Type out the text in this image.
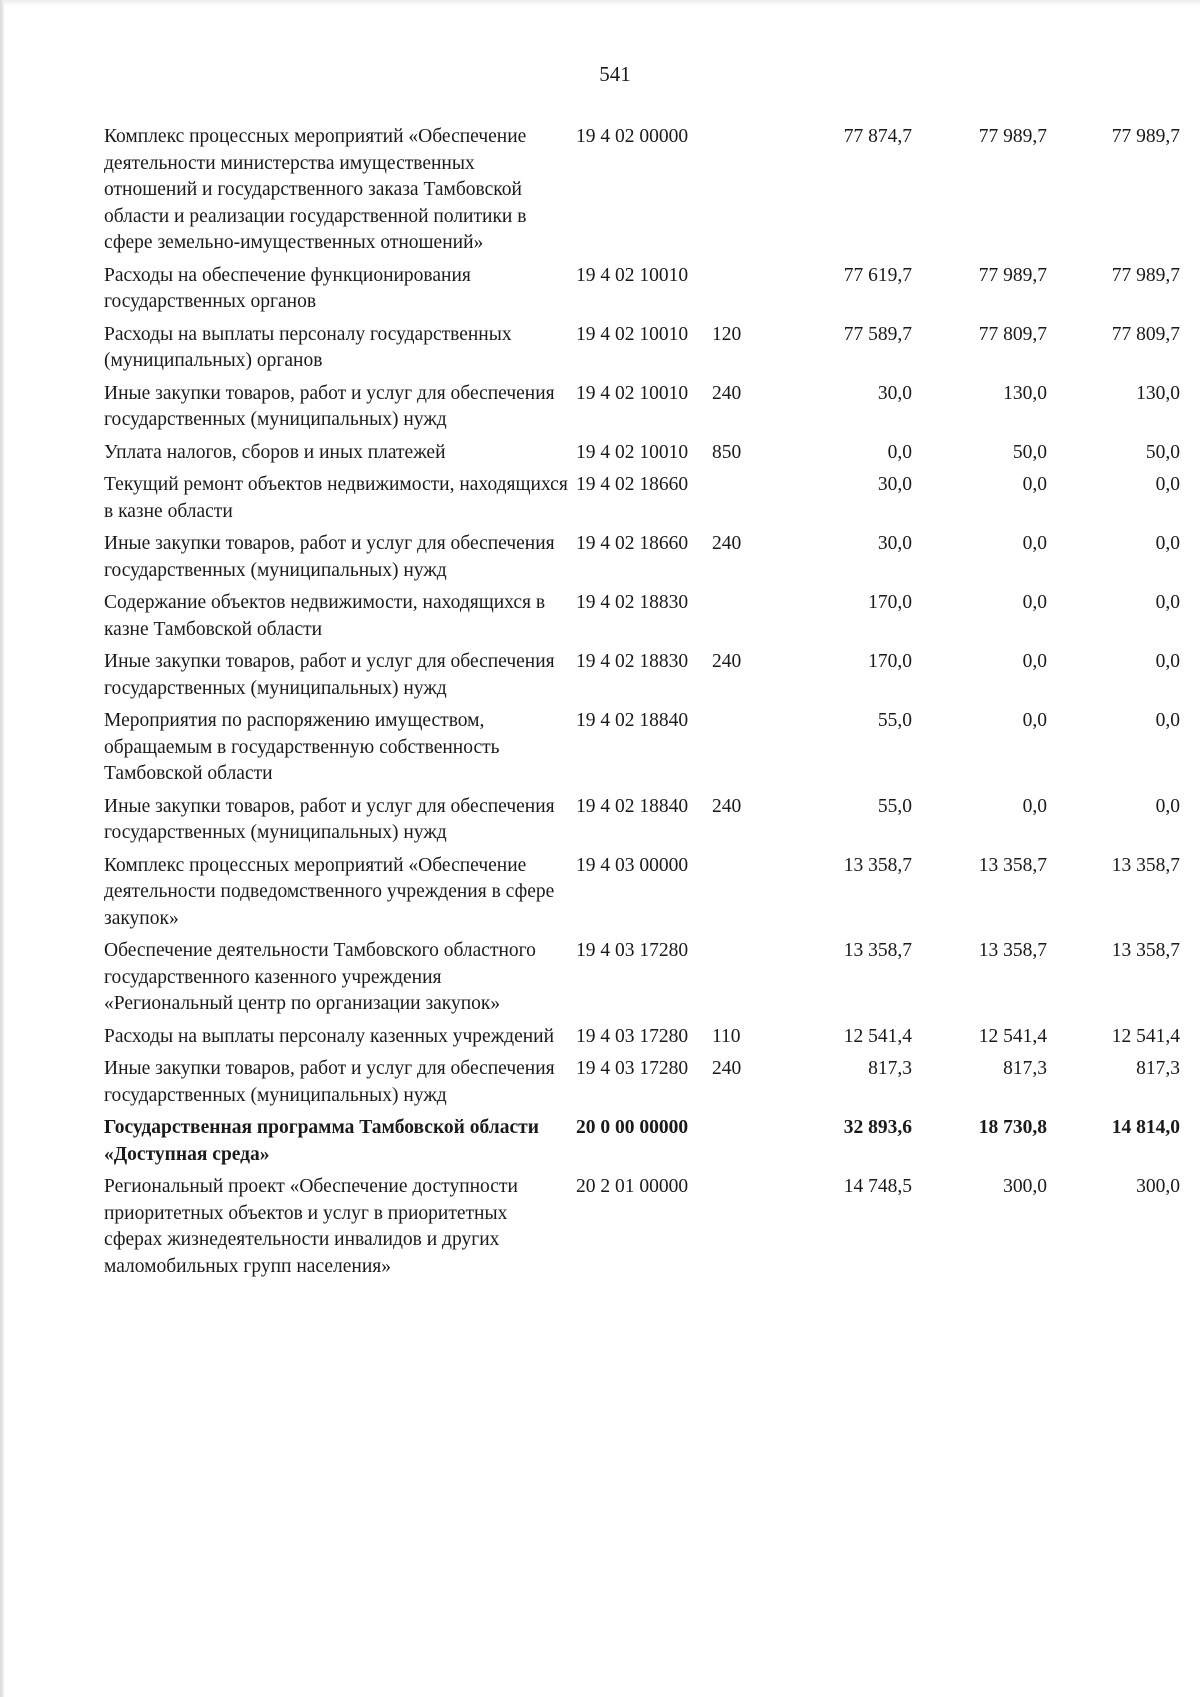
541
Комплекс процессных мероприятий «Обеспечение деятельности министерства имущественных отношений и государственного заказа Тамбовской области и реализации государственной политики в сфере земельно-имущественных отношений»	19 4 02 00000		77 874,7	77 989,7	77 989,7
Расходы на обеспечение функционирования государственных органов	19 4 02 10010		77 619,7	77 989,7	77 989,7
Расходы на выплаты персоналу государственных (муниципальных) органов	19 4 02 10010	120	77 589,7	77 809,7	77 809,7
Иные закупки товаров, работ и услуг для обеспечения государственных (муниципальных) нужд	19 4 02 10010	240	30,0	130,0	130,0
Уплата налогов, сборов и иных платежей	19 4 02 10010	850	0,0	50,0	50,0
Текущий ремонт объектов недвижимости, находящихся в казне области	19 4 02 18660		30,0	0,0	0,0
Иные закупки товаров, работ и услуг для обеспечения государственных (муниципальных) нужд	19 4 02 18660	240	30,0	0,0	0,0
Содержание объектов недвижимости, находящихся в казне Тамбовской области	19 4 02 18830		170,0	0,0	0,0
Иные закупки товаров, работ и услуг для обеспечения государственных (муниципальных) нужд	19 4 02 18830	240	170,0	0,0	0,0
Мероприятия по распоряжению имуществом, обращаемым в государственную собственность Тамбовской области	19 4 02 18840		55,0	0,0	0,0
Иные закупки товаров, работ и услуг для обеспечения государственных (муниципальных) нужд	19 4 02 18840	240	55,0	0,0	0,0
Комплекс процессных мероприятий «Обеспечение деятельности подведомственного учреждения в сфере закупок»	19 4 03 00000		13 358,7	13 358,7	13 358,7
Обеспечение деятельности Тамбовского областного государственного казенного учреждения «Региональный центр по организации закупок»	19 4 03 17280		13 358,7	13 358,7	13 358,7
Расходы на выплаты персоналу казенных учреждений	19 4 03 17280	110	12 541,4	12 541,4	12 541,4
Иные закупки товаров, работ и услуг для обеспечения государственных (муниципальных) нужд	19 4 03 17280	240	817,3	817,3	817,3
Государственная программа Тамбовской области «Доступная среда»	20 0 00 00000		32 893,6	18 730,8	14 814,0
Региональный проект «Обеспечение доступности приоритетных объектов и услуг в приоритетных сферах жизнедеятельности инвалидов и других маломобильных групп населения»	20 2 01 00000		14 748,5	300,0	300,0
